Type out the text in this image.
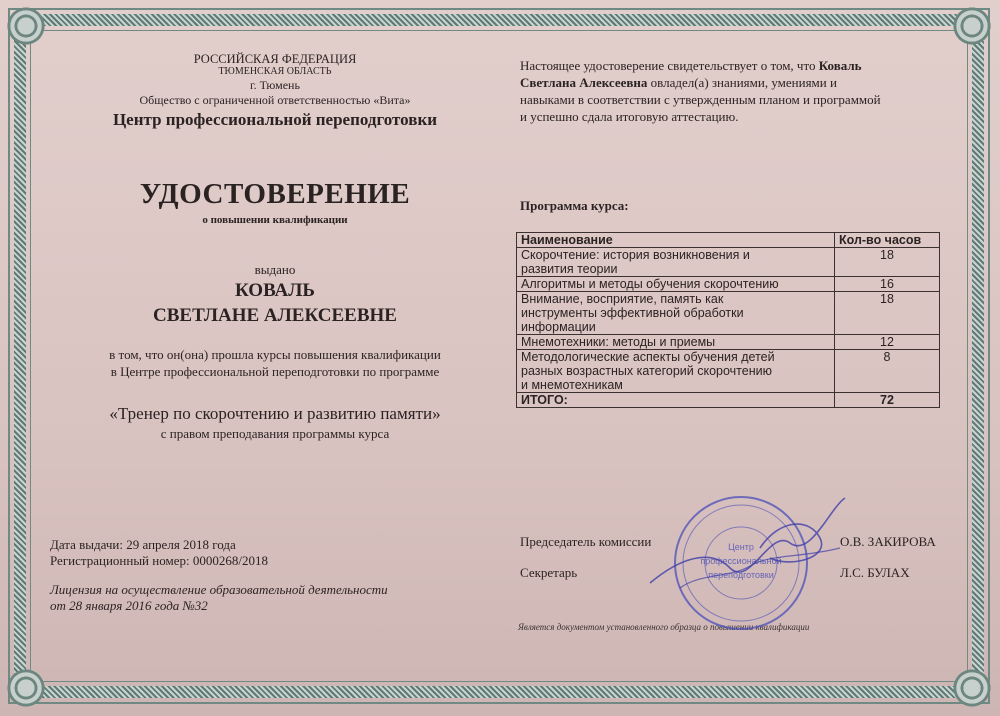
РОССИЙСКАЯ ФЕДЕРАЦИЯ
ТЮМЕНСКАЯ ОБЛАСТЬ
г. Тюмень
Общество с ограниченной ответственностью «Вита»
Центр профессиональной переподготовки
УДОСТОВЕРЕНИЕ
о повышении квалификации
выдано
КОВАЛЬ
СВЕТЛАНЕ АЛЕКСЕЕВНЕ
в том, что он(она) прошла курсы повышения квалификации
в Центре профессиональной переподготовки по программе
«Тренер по скорочтению и развитию памяти»
с правом преподавания программы курса
Дата выдачи: 29 апреля 2018 года
Регистрационный номер: 0000268/2018
Лицензия на осуществление образовательной деятельности
от 28 января 2016 года №32
Настоящее удостоверение свидетельствует о том, что Коваль
Светлана Алексеевна овладел(а) знаниями, умениями и
навыками в соответствии с утвержденным планом и программой
и успешно сдала итоговую аттестацию.
Программа курса:
Наименование	Кол-во часов

Скорочтение: история возникновения и
развития теории	18

Алгоритмы и методы обучения скорочтению	16

Внимание, восприятие, память как
инструменты эффективной обработки
информации	18

Мнемотехники: методы и приемы	12

Методологические аспекты обучения детей
разных возрастных категорий скорочтению
и мнемотехникам	8
ИТОГО:	72
Председатель комиссии	О.В. ЗАКИРОВА
Секретарь	Л.С. БУЛАХ
Является документом установленного образца о повышении квалификации
Центр
профессиональной
переподготовки
